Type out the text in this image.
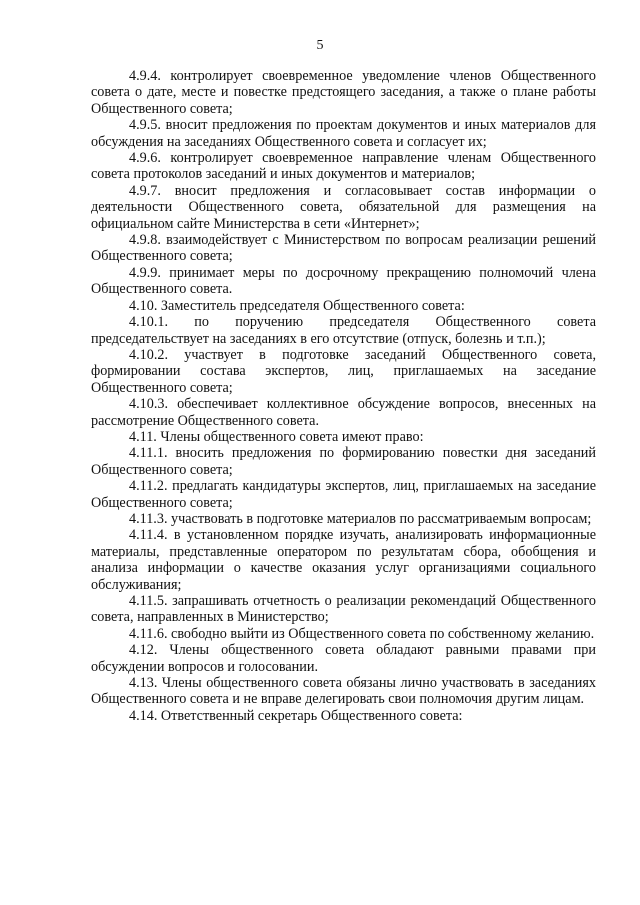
5

4.9.4. контролирует своевременное уведомление членов Общественного совета о дате, месте и повестке предстоящего заседания, а также о плане работы Общественного совета;

4.9.5. вносит предложения по проектам документов и иных материалов для обсуждения на заседаниях Общественного совета и согласует их;

4.9.6. контролирует своевременное направление членам Общественного совета протоколов заседаний и иных документов и материалов;

4.9.7. вносит предложения и согласовывает состав информации о деятельности Общественного совета, обязательной для размещения на официальном сайте Министерства в сети «Интернет»;

4.9.8. взаимодействует с Министерством по вопросам реализации решений Общественного совета;

4.9.9. принимает меры по досрочному прекращению полномочий члена Общественного совета.

4.10. Заместитель председателя Общественного совета:

4.10.1. по поручению председателя Общественного совета председательствует на заседаниях в его отсутствие (отпуск, болезнь и т.п.);

4.10.2. участвует в подготовке заседаний Общественного совета, формировании состава экспертов, лиц, приглашаемых на заседание Общественного совета;

4.10.3. обеспечивает коллективное обсуждение вопросов, внесенных на рассмотрение Общественного совета.

4.11. Члены общественного совета имеют право:

4.11.1. вносить предложения по формированию повестки дня заседаний Общественного совета;

4.11.2. предлагать кандидатуры экспертов, лиц, приглашаемых на заседание Общественного совета;

4.11.3. участвовать в подготовке материалов по рассматриваемым вопросам;

4.11.4. в установленном порядке изучать, анализировать информационные материалы, представленные оператором по результатам сбора, обобщения и анализа информации о качестве оказания услуг организациями социального обслуживания;

4.11.5. запрашивать отчетность о реализации рекомендаций Общественного совета, направленных в Министерство;

4.11.6. свободно выйти из Общественного совета по собственному желанию.

4.12. Члены общественного совета обладают равными правами при обсуждении вопросов и голосовании.

4.13. Члены общественного совета обязаны лично участвовать в заседаниях Общественного совета и не вправе делегировать свои полномочия другим лицам.

4.14. Ответственный секретарь Общественного совета:
